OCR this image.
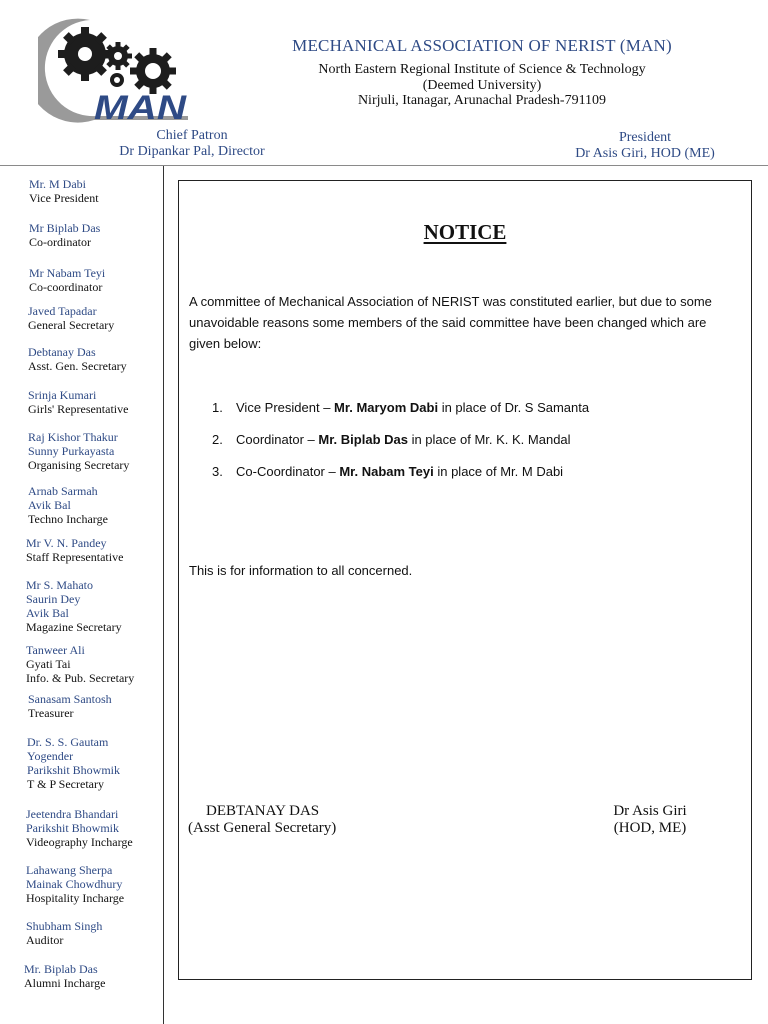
MAN
MECHANICAL ASSOCIATION OF NERIST (MAN)
North Eastern Regional Institute of Science & Technology
(Deemed University)
Nirjuli, Itanagar, Arunachal Pradesh-791109
Chief Patron
Dr Dipankar Pal, Director
President
Dr Asis Giri, HOD (ME)
Mr. M Dabi
Vice President
Mr Biplab Das
Co-ordinator
Mr Nabam Teyi
Co-coordinator
Javed Tapadar
General Secretary
Debtanay Das
Asst. Gen. Secretary
Srinja Kumari
Girls' Representative
Raj Kishor Thakur
Sunny Purkayasta
Organising Secretary
Arnab Sarmah
Avik Bal
Techno Incharge
Mr V. N. Pandey
Staff Representative
Mr S. Mahato
Saurin Dey
Avik Bal
Magazine Secretary
Tanweer Ali
Gyati Tai
Info. & Pub. Secretary
Sanasam Santosh
Treasurer
Dr. S. S. Gautam
Yogender
Parikshit Bhowmik
T & P Secretary
Jeetendra Bhandari
Parikshit Bhowmik
Videography Incharge
Lahawang Sherpa
Mainak Chowdhury
Hospitality Incharge
Shubham Singh
Auditor
Mr. Biplab Das
Alumni Incharge
NOTICE
A committee of Mechanical Association of NERIST was constituted earlier, but due to some unavoidable reasons some members of the said committee have been changed which are given below:
1. Vice President – Mr. Maryom Dabi in place of Dr. S Samanta
2. Coordinator – Mr. Biplab Das in place of Mr. K. K. Mandal
3. Co-Coordinator – Mr. Nabam Teyi in place of Mr. M Dabi
This is for information to all concerned.
DEBTANAY DAS
(Asst General Secretary)
Dr Asis Giri
(HOD, ME)
